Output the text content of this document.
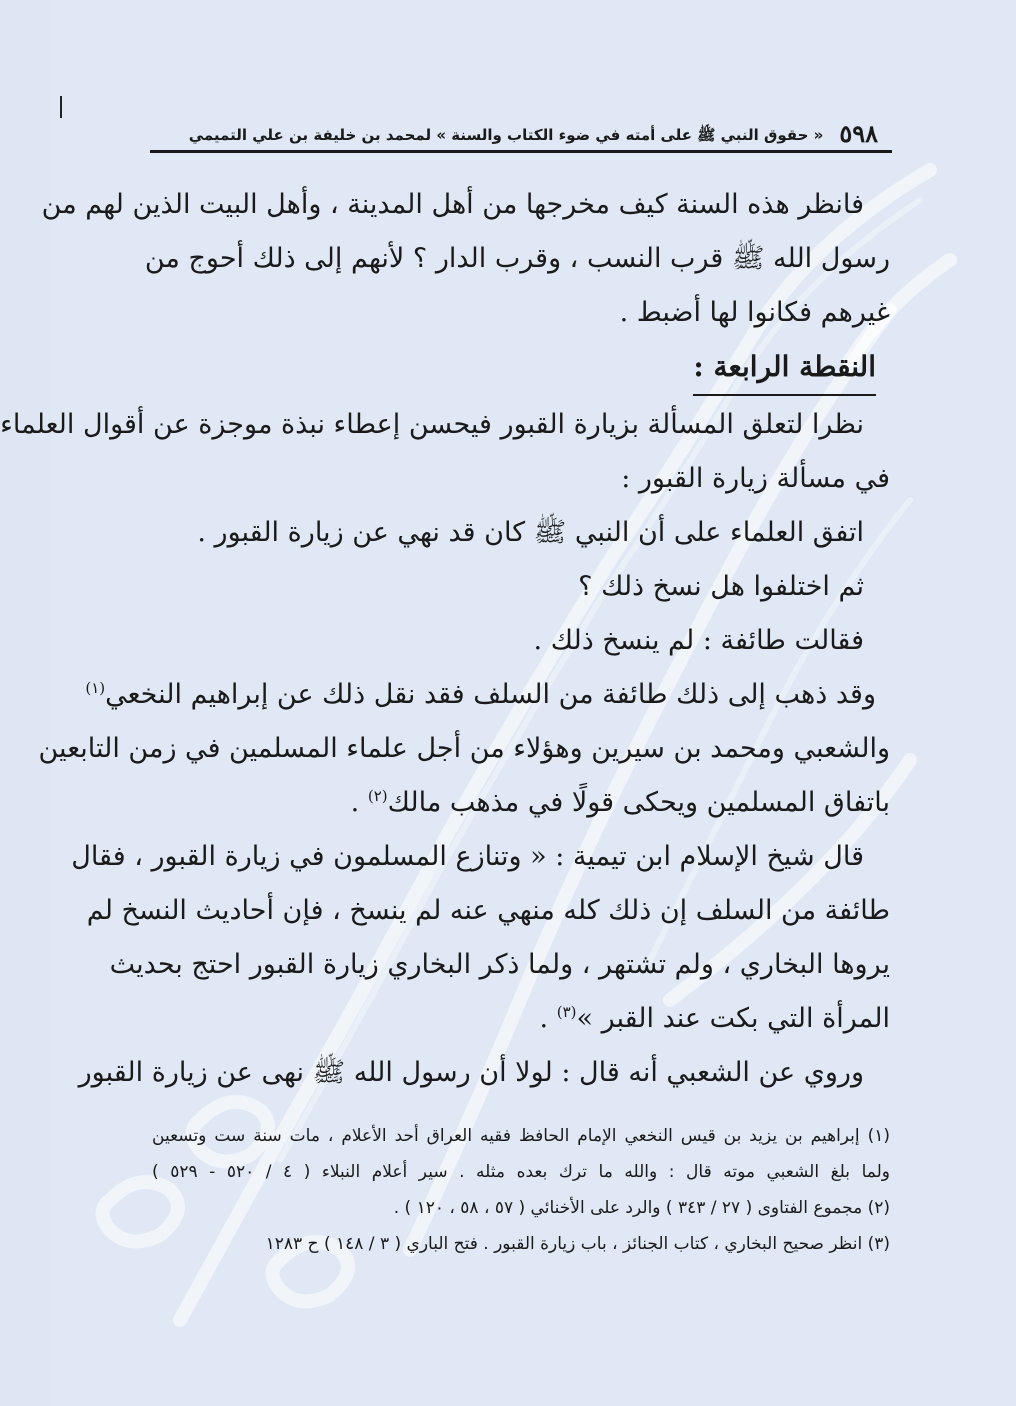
٥٩٨
« حقوق النبي ﷺ على أمته في ضوء الكتاب والسنة » لمحمد بن خليفة بن علي التميمي
فانظر هذه السنة كيف مخرجها من أهل المدينة ، وأهل البيت الذين لهم من
رسول الله ﷺ قرب النسب ، وقرب الدار ؟ لأنهم إلى ذلك أحوج من
غيرهم فكانوا لها أضبط .
النقطة الرابعة :
نظرا لتعلق المسألة بزيارة القبور فيحسن إعطاء نبذة موجزة عن أقوال العلماء
في مسألة زيارة القبور :
اتفق العلماء على أن النبي ﷺ كان قد نهي عن زيارة القبور .
ثم اختلفوا هل نسخ ذلك ؟
فقالت طائفة : لم ينسخ ذلك .
وقد ذهب إلى ذلك طائفة من السلف فقد نقل ذلك عن إبراهيم النخعي$^{(١)}$
والشعبي ومحمد بن سيرين وهؤلاء من أجل علماء المسلمين في زمن التابعين
باتفاق المسلمين ويحكى قولًا في مذهب مالك$^{(٢)}$ .
قال شيخ الإسلام ابن تيمية : « وتنازع المسلمون في زيارة القبور ، فقال
طائفة من السلف إن ذلك كله منهي عنه لم ينسخ ، فإن أحاديث النسخ لم
يروها البخاري ، ولم تشتهر ، ولما ذكر البخاري زيارة القبور احتج بحديث
المرأة التي بكت عند القبر »$^{(٣)}$ .
وروي عن الشعبي أنه قال : لولا أن رسول الله ﷺ نهى عن زيارة القبور
(١) إبراهيم بن يزيد بن قيس النخعي الإمام الحافظ فقيه العراق أحد الأعلام ، مات سنة ست وتسعين
ولما بلغ الشعبي موته قال : والله ما ترك بعده مثله . سير أعلام النبلاء ( ٤ / ٥٢٠ - ٥٢٩ )
(٢) مجموع الفتاوى ( ٢٧ / ٣٤٣ ) والرد على الأخنائي ( ٥٧ ، ٥٨ ، ١٢٠ ) .
(٣) انظر صحيح البخاري ، كتاب الجنائز ، باب زيارة القبور . فتح الباري ( ٣ / ١٤٨ ) ح ١٢٨٣
